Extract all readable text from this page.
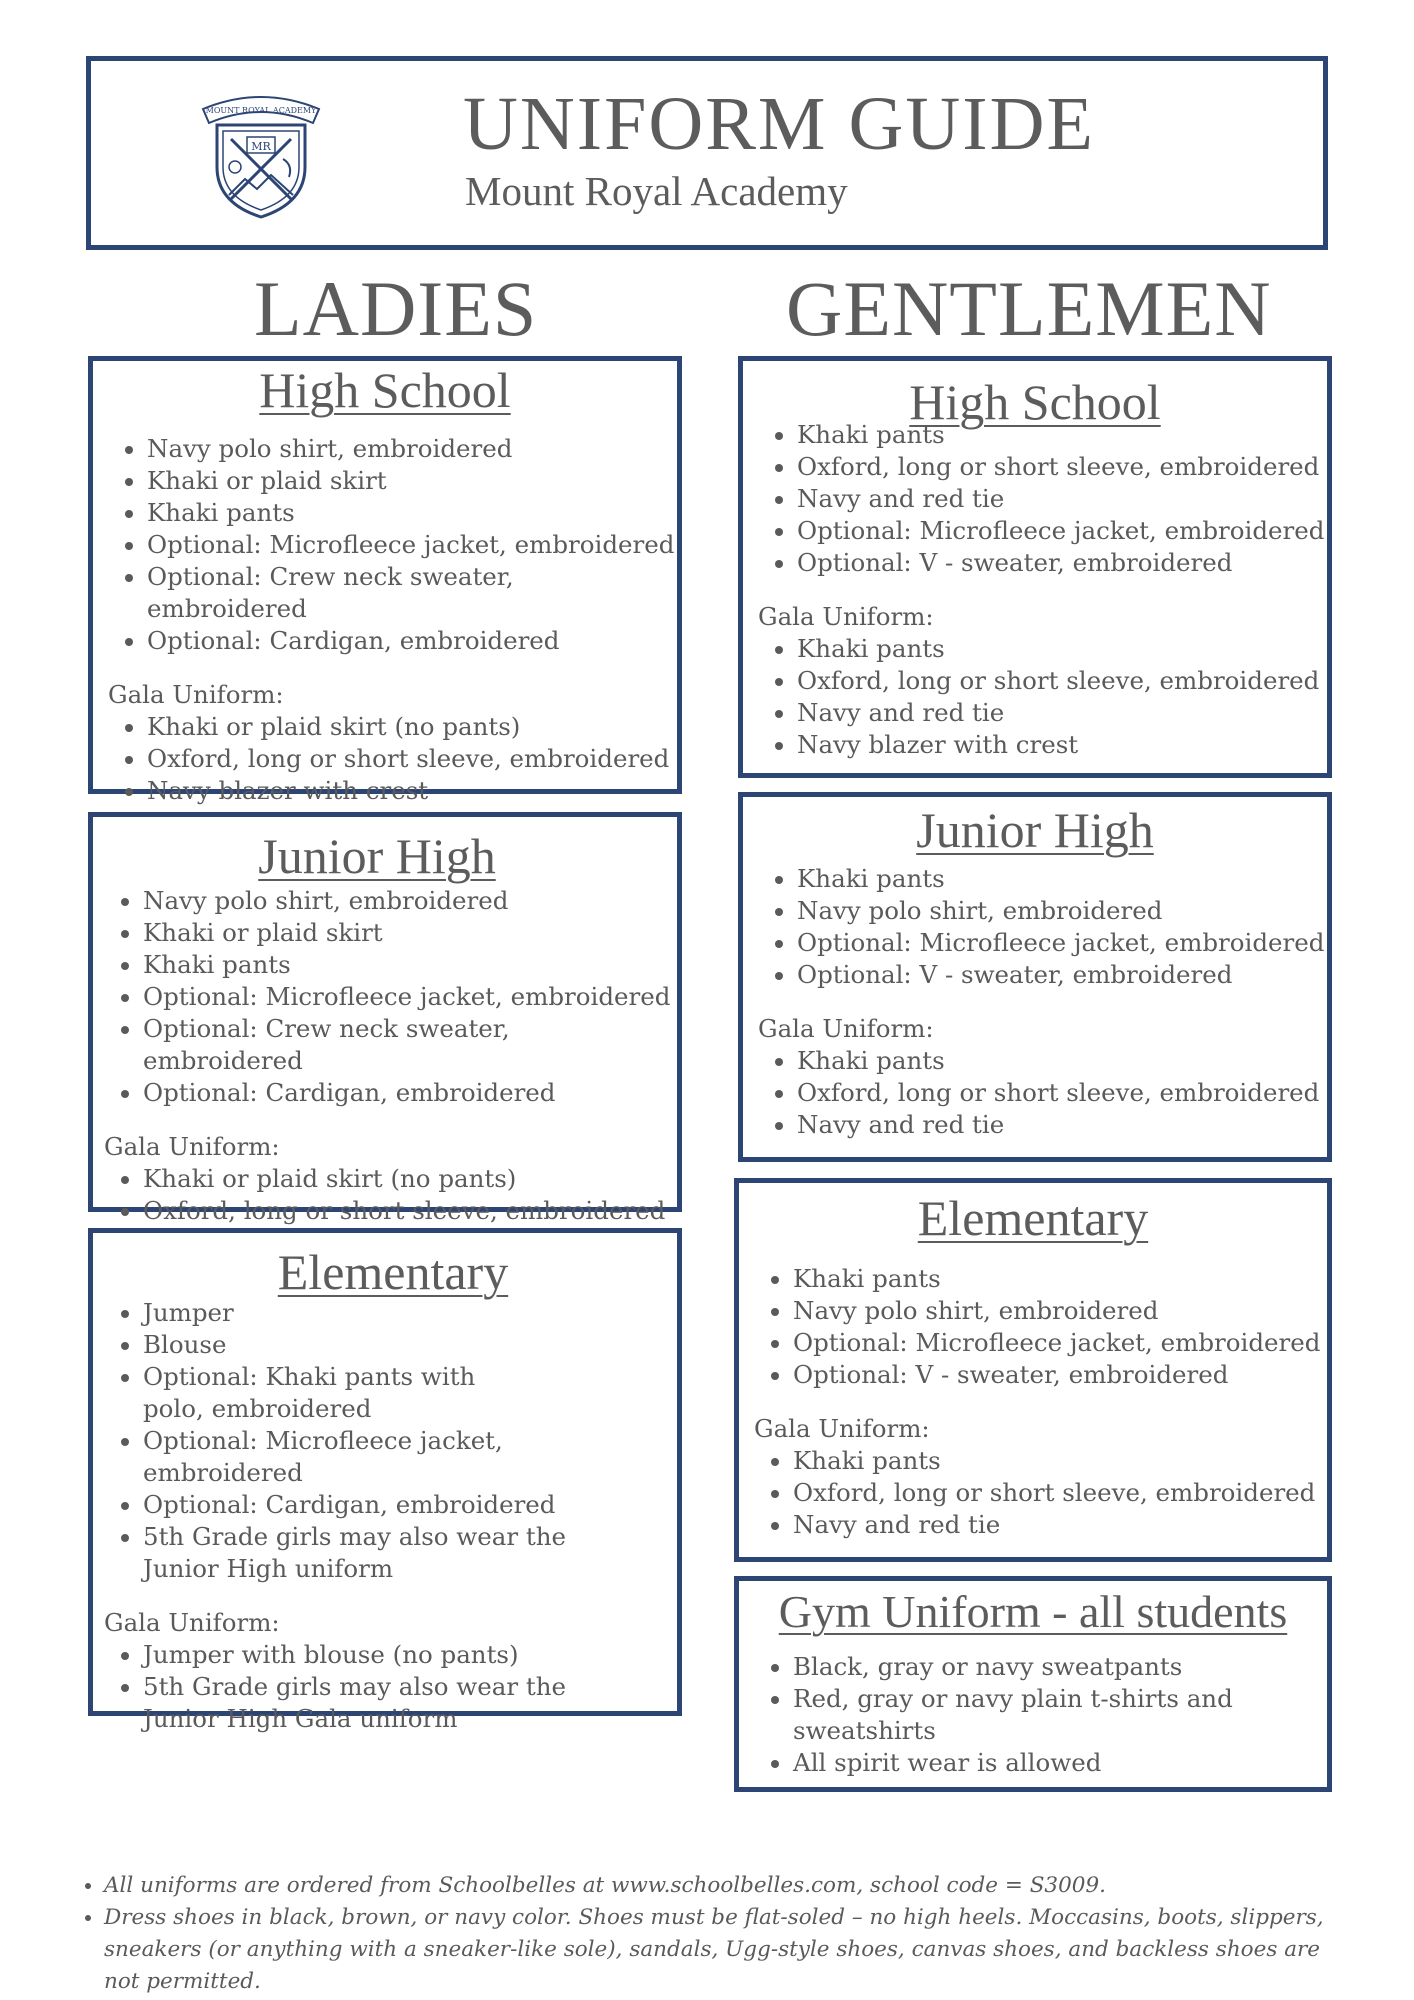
MOUNT ROYAL ACADEMY
MR	UNIFORM GUIDE
Mount Royal Academy
LADIES	GENTLEMEN
High School
• Navy polo shirt, embroidered
• Khaki or plaid skirt
• Khaki pants
• Optional: Microfleece jacket, embroidered
• Optional: Crew neck sweater, embroidered
• Optional: Cardigan, embroidered
Gala Uniform:
• Khaki or plaid skirt (no pants)
• Oxford, long or short sleeve, embroidered
• Navy blazer with crest
Junior High
• Navy polo shirt, embroidered
• Khaki or plaid skirt
• Khaki pants
• Optional: Microfleece jacket, embroidered
• Optional: Crew neck sweater, embroidered
• Optional: Cardigan, embroidered
Gala Uniform:
• Khaki or plaid skirt (no pants)
• Oxford, long or short sleeve, embroidered
Elementary
• Jumper
• Blouse
• Optional: Khaki pants with polo, embroidered
• Optional: Microfleece jacket, embroidered
• Optional: Cardigan, embroidered
• 5th Grade girls may also wear the Junior High uniform
Gala Uniform:
• Jumper with blouse (no pants)
• 5th Grade girls may also wear the Junior High Gala uniform
High School
• Khaki pants
• Oxford, long or short sleeve, embroidered
• Navy and red tie
• Optional: Microfleece jacket, embroidered
• Optional: V - sweater, embroidered
Gala Uniform:
• Khaki pants
• Oxford, long or short sleeve, embroidered
• Navy and red tie
• Navy blazer with crest
Junior High
• Khaki pants
• Navy polo shirt, embroidered
• Optional: Microfleece jacket, embroidered
• Optional: V - sweater, embroidered
Gala Uniform:
• Khaki pants
• Oxford, long or short sleeve, embroidered
• Navy and red tie
Elementary
• Khaki pants
• Navy polo shirt, embroidered
• Optional: Microfleece jacket, embroidered
• Optional: V - sweater, embroidered
Gala Uniform:
• Khaki pants
• Oxford, long or short sleeve, embroidered
• Navy and red tie
Gym Uniform - all students
• Black, gray or navy sweatpants
• Red, gray or navy plain t-shirts and sweatshirts
• All spirit wear is allowed
• All uniforms are ordered from Schoolbelles at www.schoolbelles.com, school code = S3009.
• Dress shoes in black, brown, or navy color. Shoes must be flat-soled – no high heels. Moccasins, boots, slippers, sneakers (or anything with a sneaker-like sole), sandals, Ugg-style shoes, canvas shoes, and backless shoes are not permitted.
